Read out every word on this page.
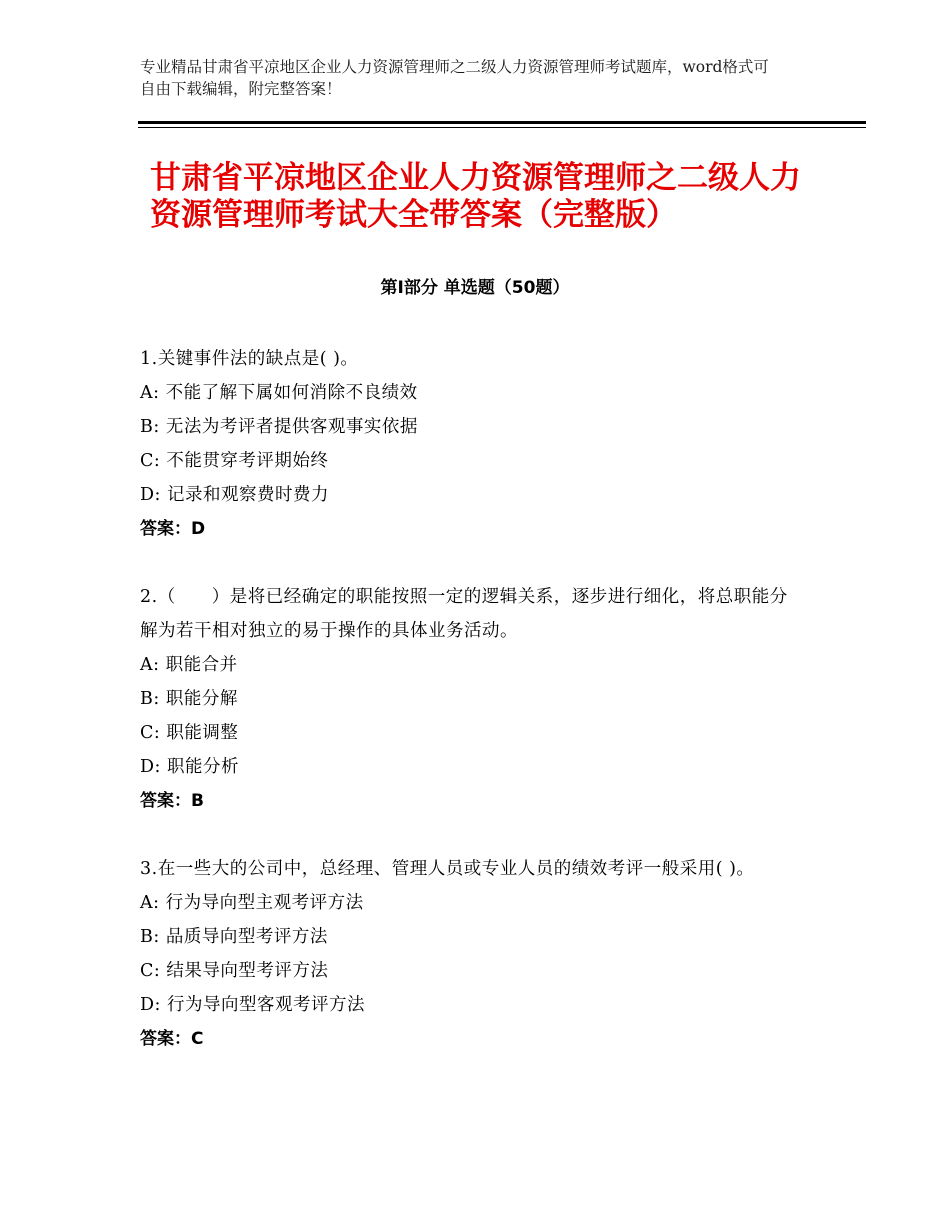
专业精品甘肃省平凉地区企业人力资源管理师之二级人力资源管理师考试题库，word格式可自由下载编辑，附完整答案！
甘肃省平凉地区企业人力资源管理师之二级人力资源管理师考试大全带答案（完整版）
第Ⅰ部分 单选题（50题）
1.关键事件法的缺点是( )。
A: 不能了解下属如何消除不良绩效
B: 无法为考评者提供客观事实依据
C: 不能贯穿考评期始终
D: 记录和观察费时费力
答案：D
2.（　　）是将已经确定的职能按照一定的逻辑关系，逐步进行细化，将总职能分解为若干相对独立的易于操作的具体业务活动。
A: 职能合并
B: 职能分解
C: 职能调整
D: 职能分析
答案：B
3.在一些大的公司中，总经理、管理人员或专业人员的绩效考评一般采用( )。
A: 行为导向型主观考评方法
B: 品质导向型考评方法
C: 结果导向型考评方法
D: 行为导向型客观考评方法
答案：C
